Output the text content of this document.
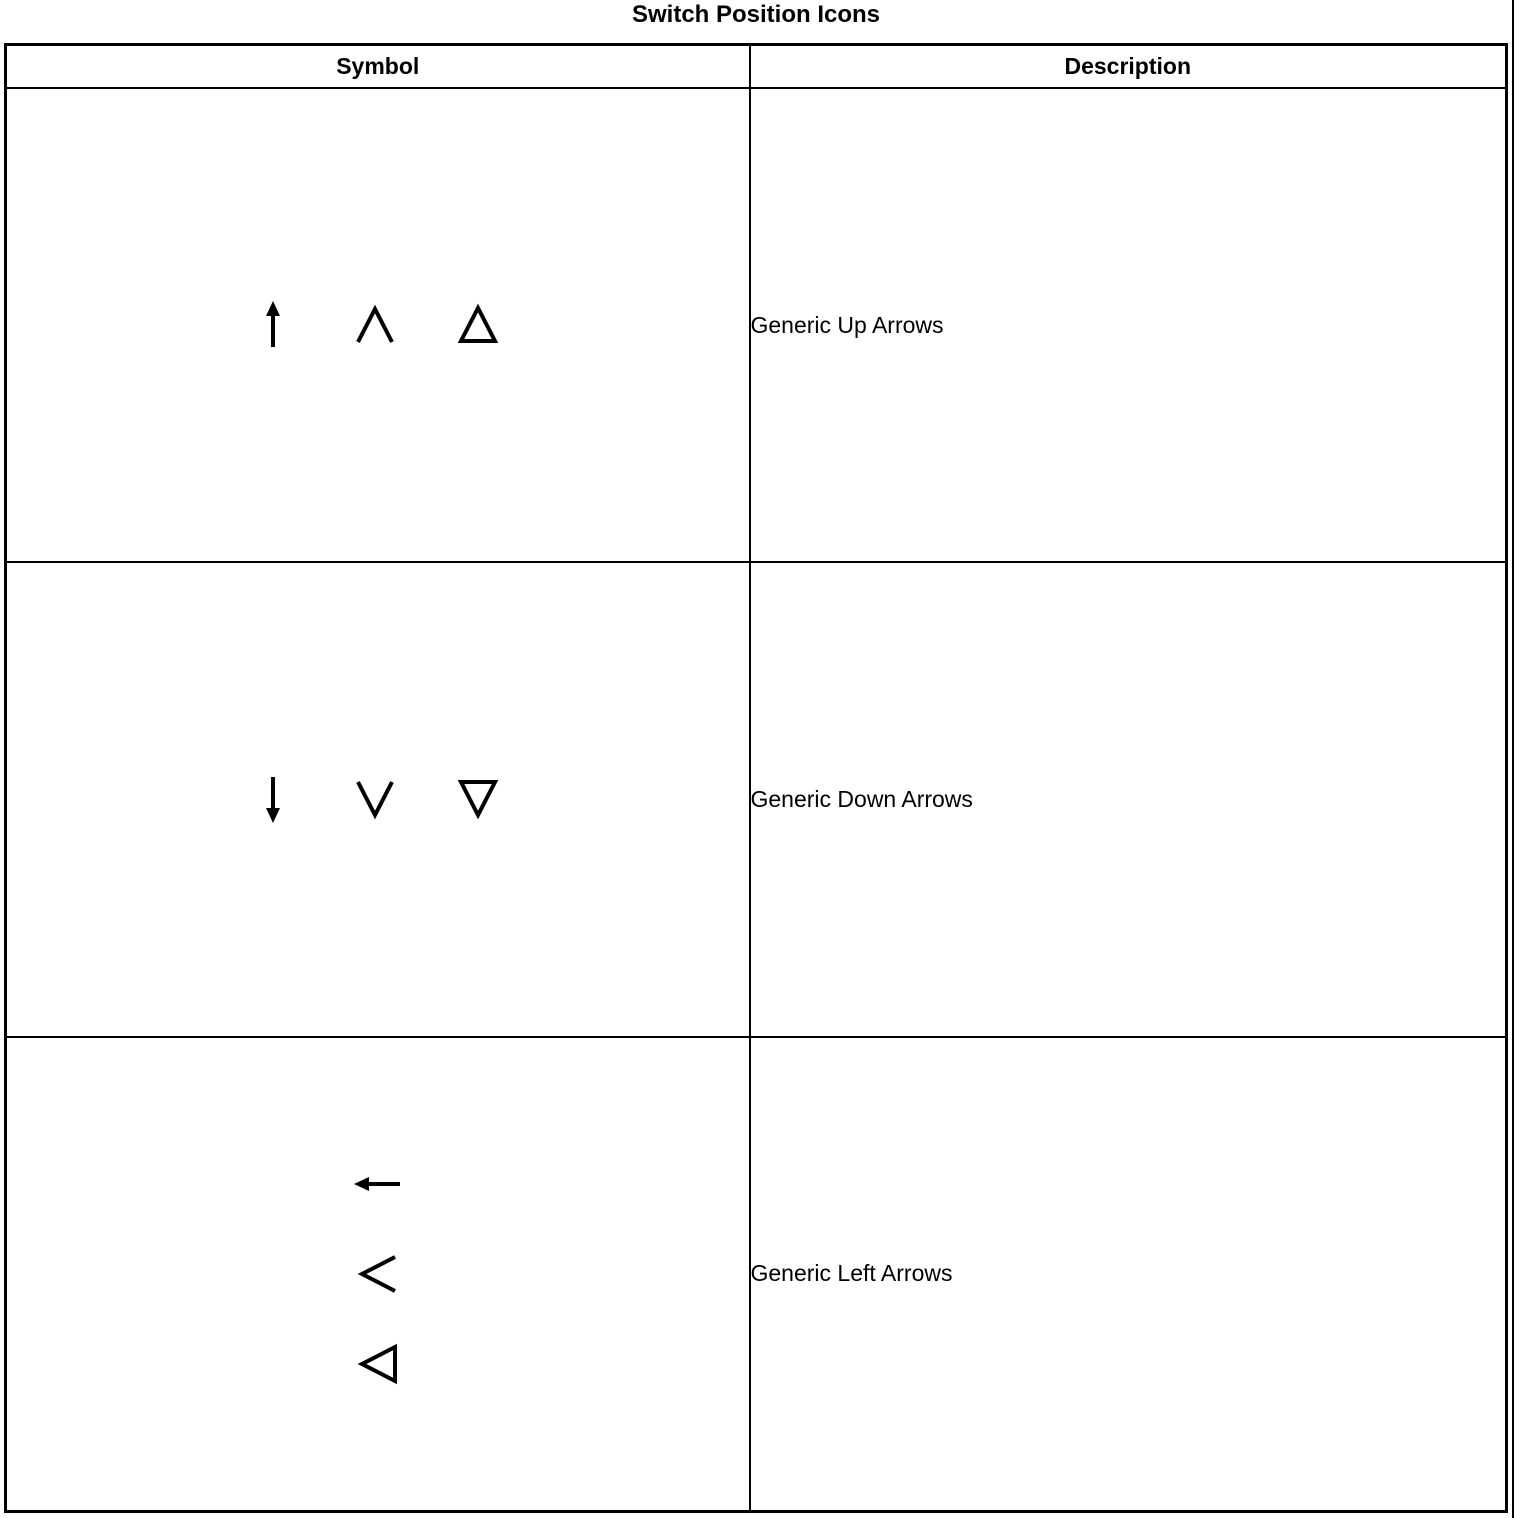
Switch Position Icons
Symbol	Description

	Generic Up Arrows

	Generic Down Arrows

	Generic Left Arrows
